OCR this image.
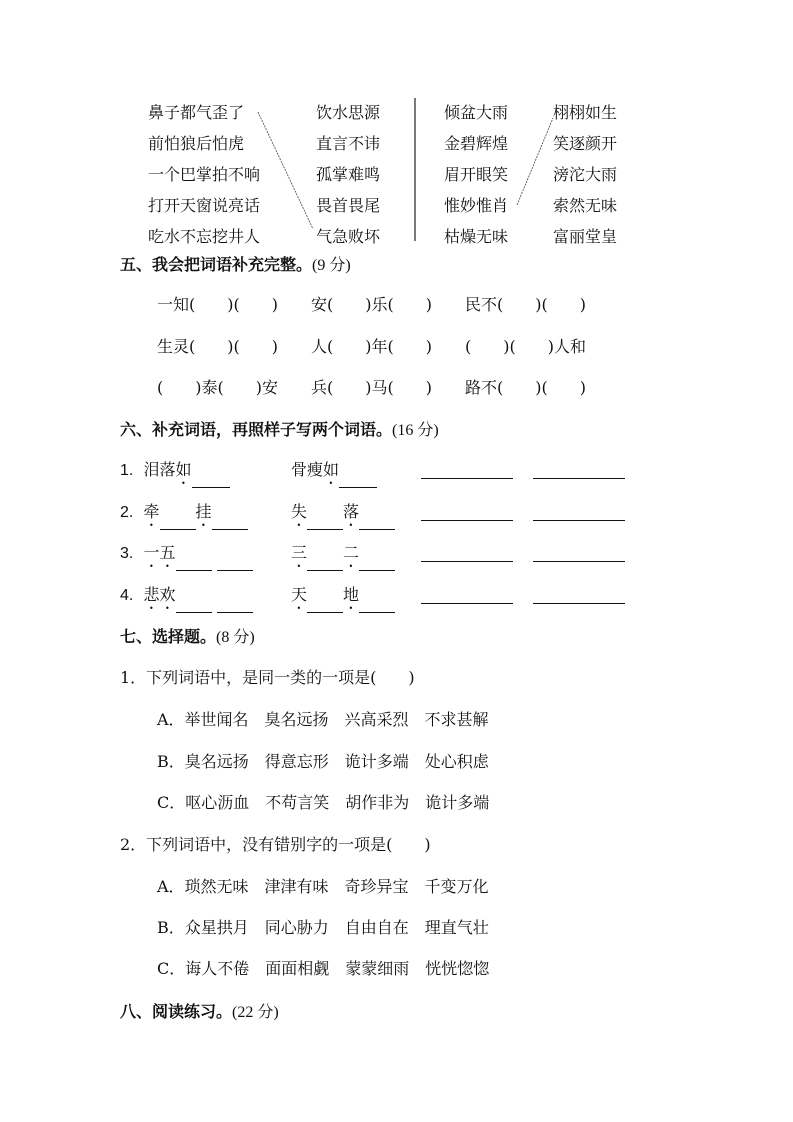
鼻子都气歪了
前怕狼后怕虎
一个巴掌拍不响
打开天窗说亮话
吃水不忘挖井人
饮水思源
直言不讳
孤掌难鸣
畏首畏尾
气急败坏
倾盆大雨
金碧辉煌
眉开眼笑
惟妙惟肖
枯燥无味
栩栩如生
笑逐颜开
滂沱大雨
索然无味
富丽堂皇
五、我会把词语补充完整。(9 分)
一知(　　)(　　) 安(　　)乐(　　) 民不(　　)(　　)
生灵(　　)(　　) 人(　　)年(　　) (　　)(　　)人和
(　　)泰(　　)安 兵(　　)马(　　) 路不(　　)(　　)
六、补充词语，再照样子写两个词语。(16 分)
1. 泪落如	骨瘦如
2. 牵 挂	失 落
3. 一五	三 二
4. 悲欢	天 地
七、选择题。(8 分)
1．下列词语中，是同一类的一项是(　　)
A．举世闻名　臭名远扬　兴高采烈　不求甚解
B．臭名远扬　得意忘形　诡计多端　处心积虑
C．呕心沥血　不苟言笑　胡作非为　诡计多端
2．下列词语中，没有错别字的一项是(　　)
A．琐然无味　津津有味　奇珍异宝　千变万化
B．众星拱月　同心胁力　自由自在　理直气壮
C．诲人不倦　面面相觑　蒙蒙细雨　恍恍惚惚
八、阅读练习。(22 分)
